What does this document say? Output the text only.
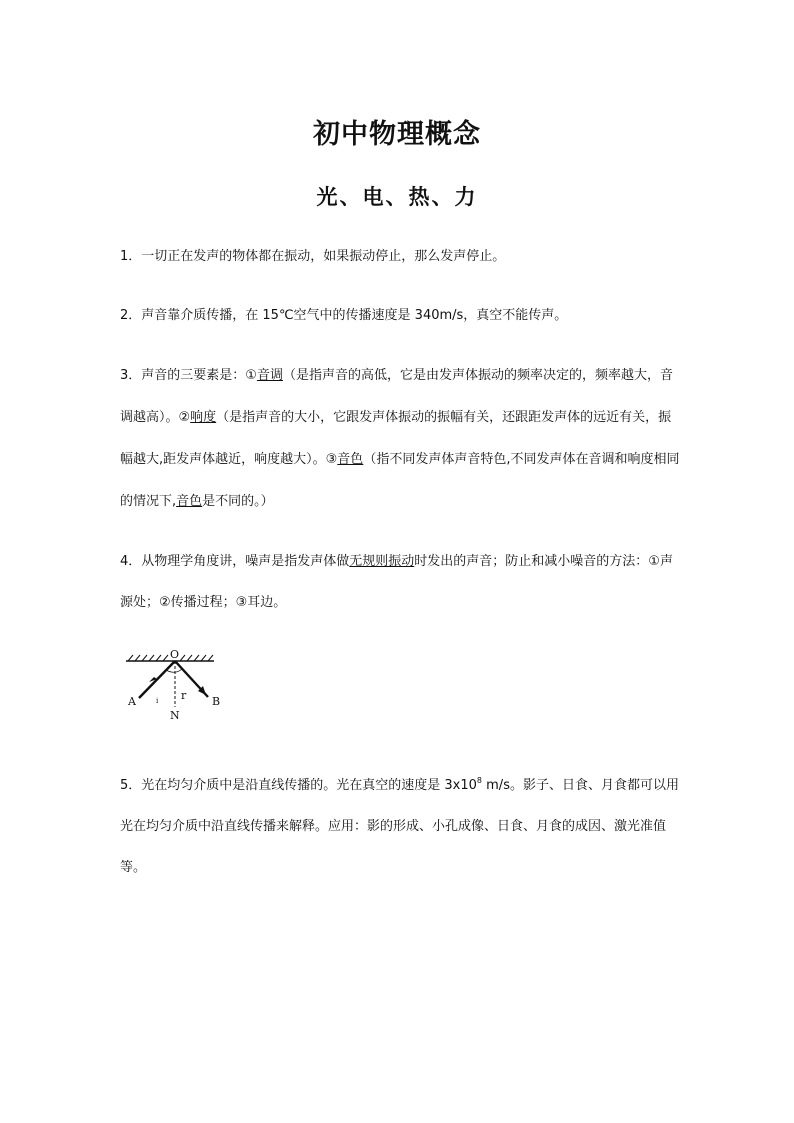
初中物理概念
光、电、热、力
1．一切正在发声的物体都在振动，如果振动停止，那么发声停止。
2．声音靠介质传播，在 15℃空气中的传播速度是 340m/s，真空不能传声。
3．声音的三要素是：①音调（是指声音的高低，它是由发声体振动的频率决定的，频率越大，音调越高）。②响度（是指声音的大小，它跟发声体振动的振幅有关，还跟距发声体的远近有关，振幅越大,距发声体越近，响度越大）。③音色（指不同发声体声音特色,不同发声体在音调和响度相同的情况下,音色是不同的。）
4．从物理学角度讲，噪声是指发声体做无规则振动时发出的声音；防止和减小噪音的方法：①声源处；②传播过程；③耳边。
O
A	B
N
i r
5．光在均匀介质中是沿直线传播的。光在真空的速度是 $3x10^8$ m/s。影子、日食、月食都可以用光在均匀介质中沿直线传播来解释。应用：影的形成、小孔成像、日食、月食的成因、激光准值等。
